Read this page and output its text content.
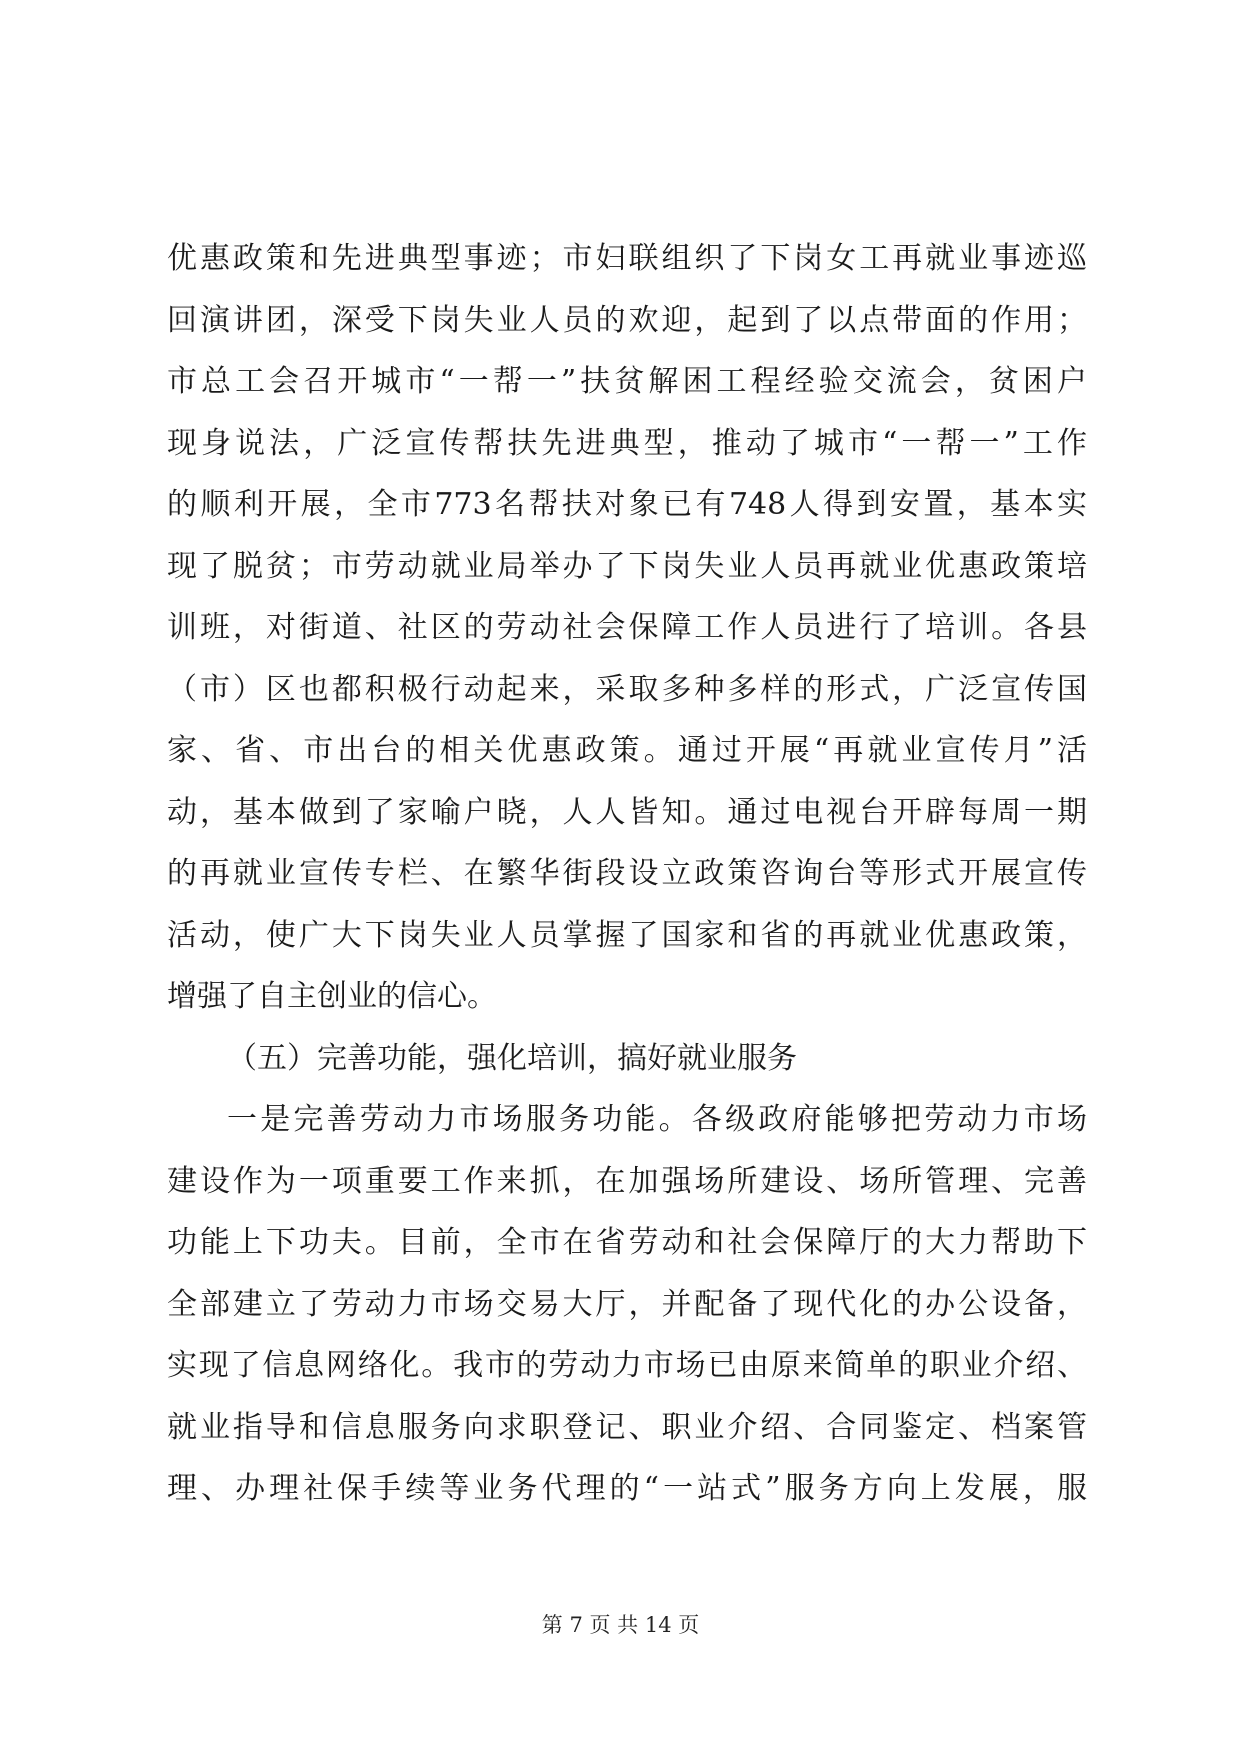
优惠政策和先进典型事迹；市妇联组织了下岗女工再就业事迹巡
回演讲团，深受下岗失业人员的欢迎，起到了以点带面的作用；
市总工会召开城市“一帮一”扶贫解困工程经验交流会，贫困户
现身说法，广泛宣传帮扶先进典型，推动了城市“一帮一”工作
的顺利开展，全市773名帮扶对象已有748人得到安置，基本实
现了脱贫；市劳动就业局举办了下岗失业人员再就业优惠政策培
训班，对街道、社区的劳动社会保障工作人员进行了培训。各县
（市）区也都积极行动起来，采取多种多样的形式，广泛宣传国
家、省、市出台的相关优惠政策。通过开展“再就业宣传月”活
动，基本做到了家喻户晓，人人皆知。通过电视台开辟每周一期
的再就业宣传专栏、在繁华街段设立政策咨询台等形式开展宣传
活动，使广大下岗失业人员掌握了国家和省的再就业优惠政策，
增强了自主创业的信心。
（五）完善功能，强化培训，搞好就业服务
一是完善劳动力市场服务功能。各级政府能够把劳动力市场
建设作为一项重要工作来抓，在加强场所建设、场所管理、完善
功能上下功夫。目前，全市在省劳动和社会保障厅的大力帮助下
全部建立了劳动力市场交易大厅，并配备了现代化的办公设备，
实现了信息网络化。我市的劳动力市场已由原来简单的职业介绍、
就业指导和信息服务向求职登记、职业介绍、合同鉴定、档案管
理、办理社保手续等业务代理的“一站式”服务方向上发展，服
第 7 页 共 14 页
